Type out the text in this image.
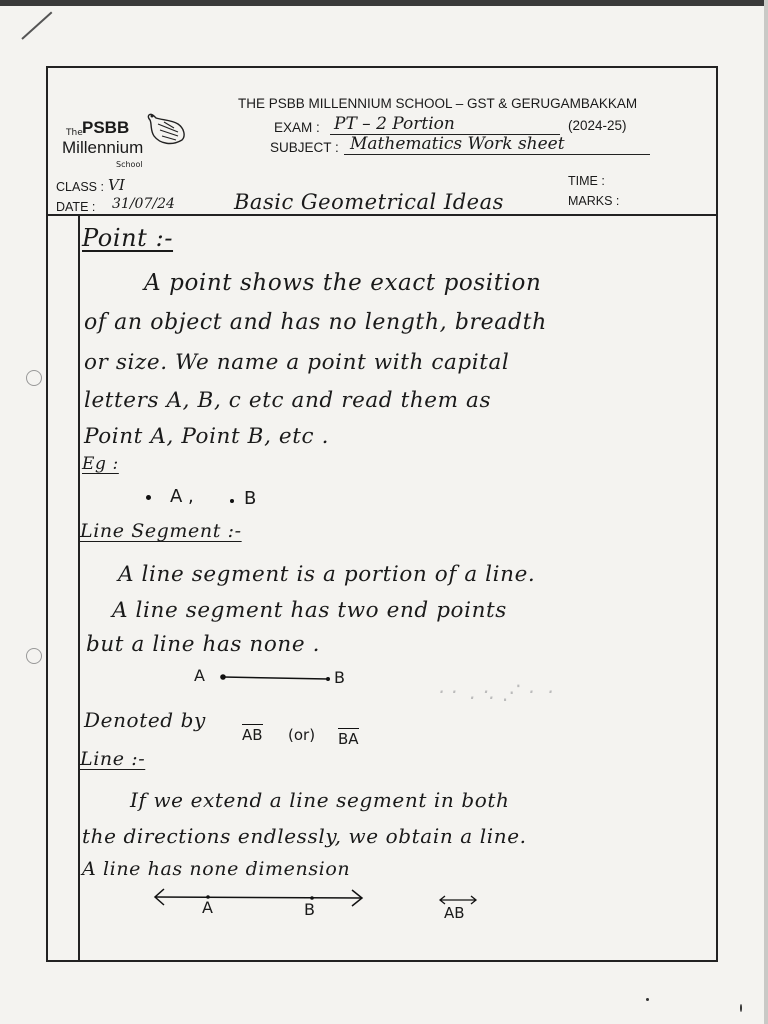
The PSBB
Millennium
School
THE PSBB MILLENNIUM SCHOOL – GST & GERUGAMBAKKAM
EXAM : PT – 2 Portion	(2024-25)
SUBJECT : Mathematics Work sheet
CLASS : VI
DATE : 31/07/24	Basic Geometrical Ideas
TIME :
MARKS :
Point :-
A point shows the exact position
of an object and has no length, breadth
or size. We name a point with capital
letters A, B, c etc and read them as
Point A, Point B, etc .
Eg :
A ,	B
Line Segment :-
A line segment is a portion of a line.
A line segment has two end points
but a line has none .
A	B
· ·  . ·. ⋰ ·  ·
Denoted by
AB (or) BA
Line :-
If we extend a line segment in both
the directions endlessly, we obtain a line.
A line has none dimension
A	B	AB
